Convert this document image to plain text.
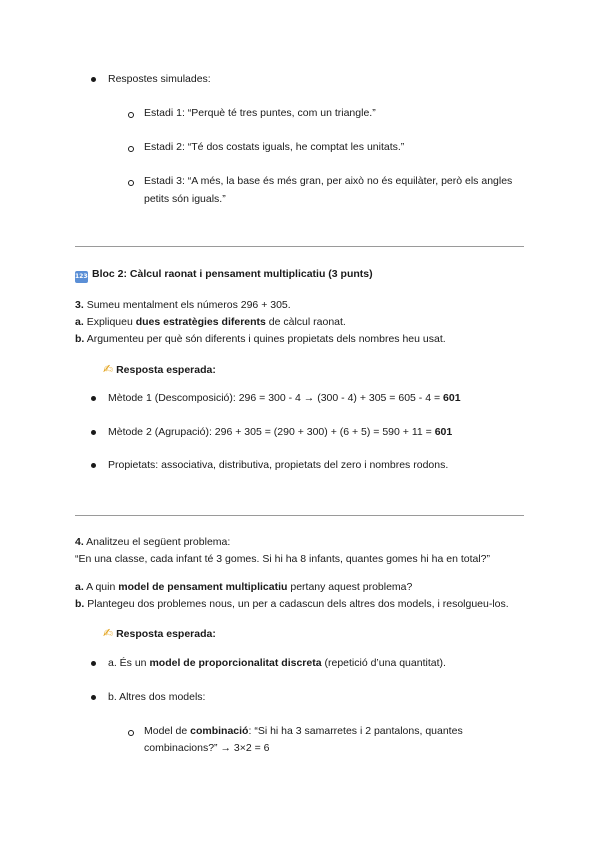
Respostes simulades:
Estadi 1: “Perquè té tres puntes, com un triangle.”
Estadi 2: “Té dos costats iguals, he comptat les unitats.”
Estadi 3: “A més, la base és més gran, per això no és equilàter, però els angles
petits són iguals.”
1234Bloc 2: Càlcul raonat i pensament multiplicatiu (3 punts)
3. Sumeu mentalment els números 296 + 305.
a. Expliqueu dues estratègies diferents de càlcul raonat.
b. Argumenteu per què són diferents i quines propietats dels nombres heu usat.
✍ Resposta esperada:
Mètode 1 (Descomposició): 296 = 300 - 4 → (300 - 4) + 305 = 605 - 4 = 601
Mètode 2 (Agrupació): 296 + 305 = (290 + 300) + (6 + 5) = 590 + 11 = 601
Propietats: associativa, distributiva, propietats del zero i nombres rodons.
4. Analitzeu el següent problema:
“En una classe, cada infant té 3 gomes. Si hi ha 8 infants, quantes gomes hi ha en total?”
a. A quin model de pensament multiplicatiu pertany aquest problema?
b. Plantegeu dos problemes nous, un per a cadascun dels altres dos models, i resolgueu-los.
✍ Resposta esperada:
a. És un model de proporcionalitat discreta (repetició d’una quantitat).
b. Altres dos models:
Model de combinació: “Si hi ha 3 samarretes i 2 pantalons, quantes
combinacions?” → 3×2 = 6
